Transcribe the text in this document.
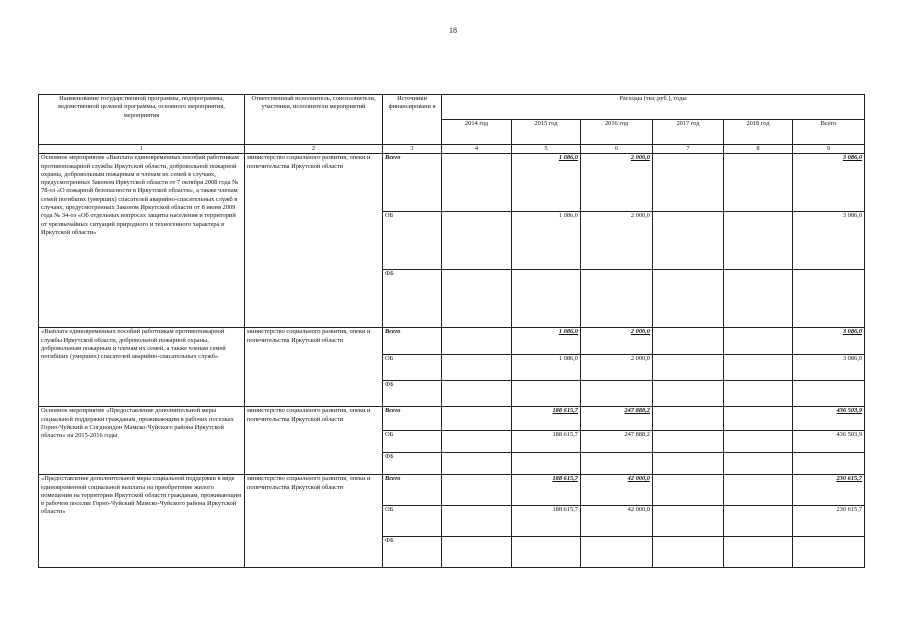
18
Наименование государственной программы, подпрограммы, ведомственной целевой программы, основного мероприятия, мероприятия	Ответственный исполнитель, соисполнители, участники, исполнители мероприятий	Источники финансировани я	Расходы (тыс.руб.), годы					
			2014 год	2015 год	2016 год	2017 год	2018 год	Всего
1	2	3	4	5	6	7	8	9
Основное мероприятие «Выплата единовременных пособий работникам противопожарной службы Иркутской области, добровольной пожарной охраны, добровольным пожарным и членам их семей в случаях, предусмотренных Законом Иркутской области от 7 октября 2008 года № 78-оз «О пожарной безопасности в Иркутской области», а также членам семей погибших (умерших) спасателей аварийно-спасательных служб в случаях, предусмотренных Законом Иркутской области от 8 июня 2009 года № 34-оз «Об отдельных вопросах защиты населения и территорий от чрезвычайных ситуаций природного и техногенного характера в Иркутской области»	министерство социального развития, опеки и попечительства Иркутской области	Всего		1 086,0	2 000,0			3 086,0
		ОБ		1 086,0	2 000,0			3 086,0
		ФБ						
«Выплата единовременных пособий работникам противопожарной службы Иркутской области, добровольной пожарной охраны, добровольным пожарным и членам их семей, а также членам семей погибших (умерших) спасателей аварийно-спасательных служб»	министерство социального развития, опеки и попечительства Иркутской области	Всего		1 086,0	2 000,0			3 086,0
		ОБ		1 086,0	2 000,0			3 086,0
		ФБ						
Основное мероприятие «Предоставление дополнительной меры социальной поддержки гражданам, проживающим в рабочих поселках Горно-Чуйский и Согдиондон Мамско-Чуйского района Иркутской области» на 2015-2016 годы	министерство социального развития, опеки и попечительства Иркутской области	Всего		188 615,7	247 888,2			436 503,9
		ОБ		188 615,7	247 888,2			436 503,9
		ФБ						
«Предоставление дополнительной меры социальной поддержки в виде единовременной социальной выплаты на приобретение жилого помещения на территории Иркутской области гражданам, проживающим в рабочем поселке Горно-Чуйский Мамско-Чуйского района Иркутской области»	министерство социального развития, опеки и попечительства Иркутской области	Всего		188 615,7	42 000,0			230 615,7
		ОБ		188 615,7	42 000,0			230 615,7
		ФБ						
